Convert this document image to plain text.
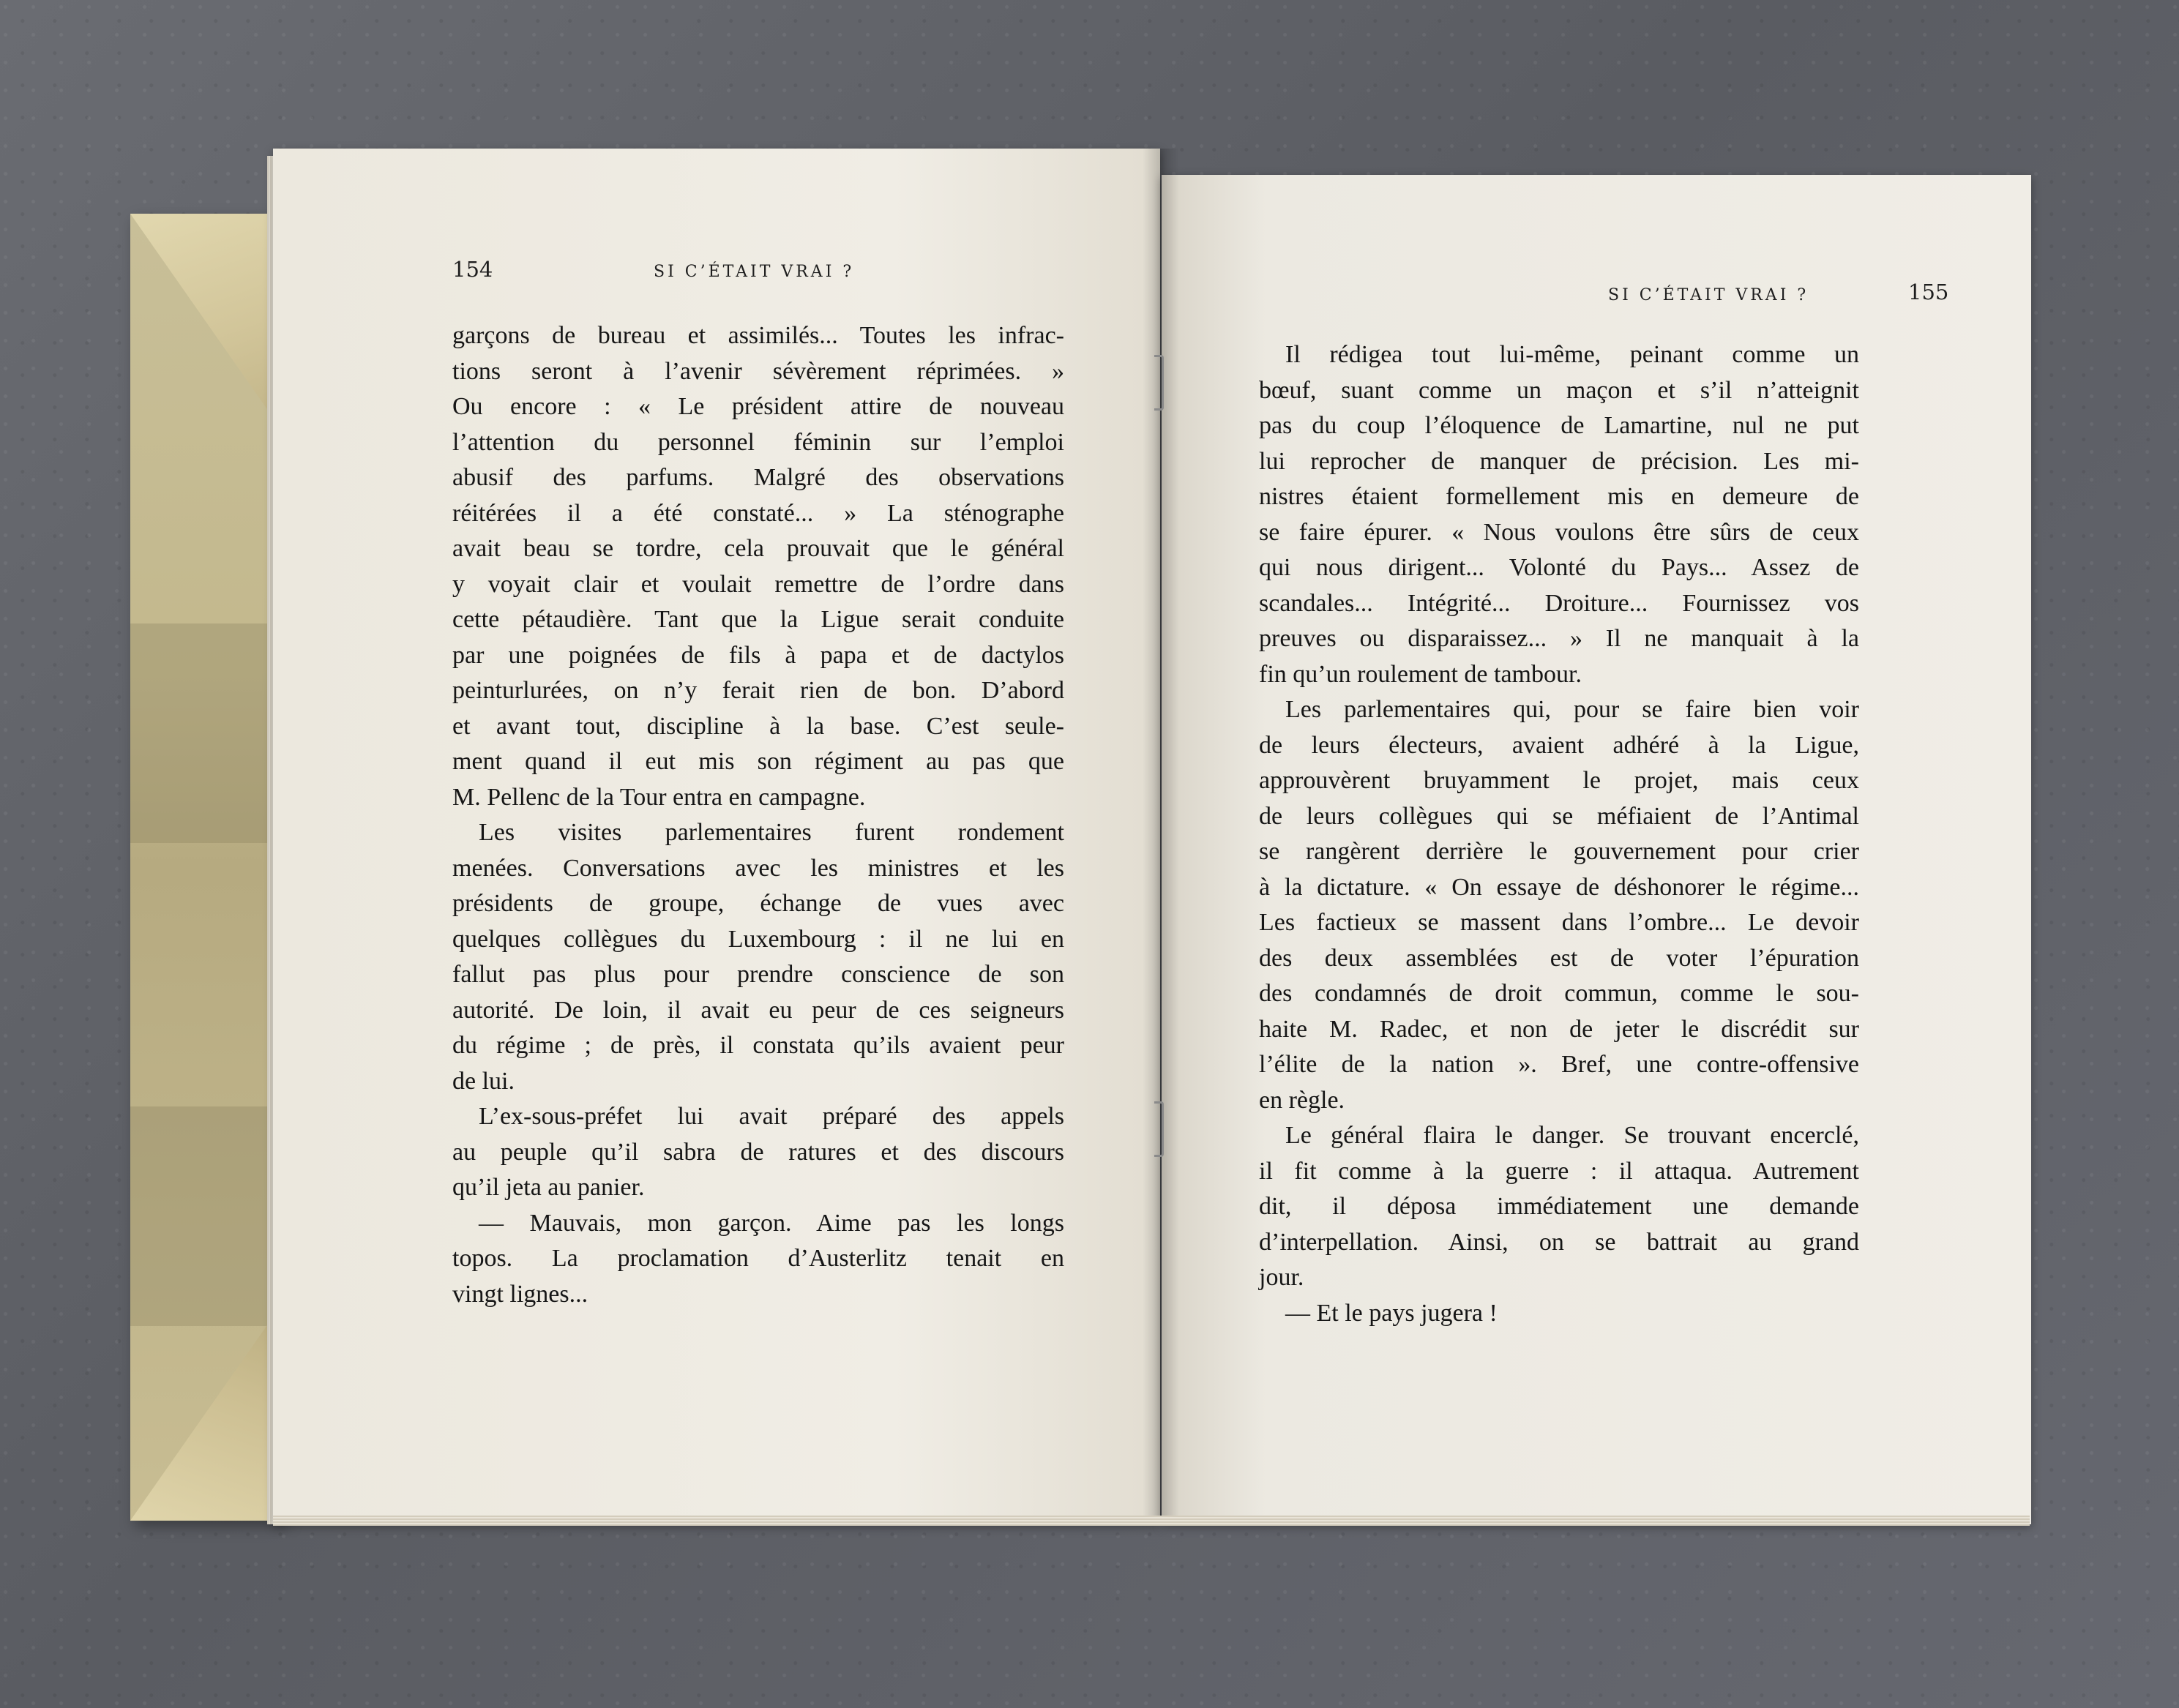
154	SI C’ÉTAIT VRAI ?
garçons de bureau et assimilés... Toutes les infrac-
tions seront à l’avenir sévèrement réprimées. »
Ou encore : « Le président attire de nouveau
l’attention du personnel féminin sur l’emploi
abusif des parfums. Malgré des observations
réitérées il a été constaté... » La sténographe
avait beau se tordre, cela prouvait que le général
y voyait clair et voulait remettre de l’ordre dans
cette pétaudière. Tant que la Ligue serait conduite
par une poignées de fils à papa et de dactylos
peinturlurées, on n’y ferait rien de bon. D’abord
et avant tout, discipline à la base. C’est seule-
ment quand il eut mis son régiment au pas que
M. Pellenc de la Tour entra en campagne.
Les visites parlementaires furent rondement
menées. Conversations avec les ministres et les
présidents de groupe, échange de vues avec
quelques collègues du Luxembourg : il ne lui en
fallut pas plus pour prendre conscience de son
autorité. De loin, il avait eu peur de ces seigneurs
du régime ; de près, il constata qu’ils avaient peur
de lui.
L’ex-sous-préfet lui avait préparé des appels
au peuple qu’il sabra de ratures et des discours
qu’il jeta au panier.
— Mauvais, mon garçon. Aime pas les longs
topos. La proclamation d’Austerlitz tenait en
vingt lignes...
SI C’ÉTAIT VRAI ?	155
Il rédigea tout lui-même, peinant comme un
bœuf, suant comme un maçon et s’il n’atteignit
pas du coup l’éloquence de Lamartine, nul ne put
lui reprocher de manquer de précision. Les mi-
nistres étaient formellement mis en demeure de
se faire épurer. « Nous voulons être sûrs de ceux
qui nous dirigent... Volonté du Pays... Assez de
scandales... Intégrité... Droiture... Fournissez vos
preuves ou disparaissez... » Il ne manquait à la
fin qu’un roulement de tambour.
Les parlementaires qui, pour se faire bien voir
de leurs électeurs, avaient adhéré à la Ligue,
approuvèrent bruyamment le projet, mais ceux
de leurs collègues qui se méfiaient de l’Antimal
se rangèrent derrière le gouvernement pour crier
à la dictature. « On essaye de déshonorer le régime...
Les factieux se massent dans l’ombre... Le devoir
des deux assemblées est de voter l’épuration
des condamnés de droit commun, comme le sou-
haite M. Radec, et non de jeter le discrédit sur
l’élite de la nation ». Bref, une contre-offensive
en règle.
Le général flaira le danger. Se trouvant encerclé,
il fit comme à la guerre : il attaqua. Autrement
dit, il déposa immédiatement une demande
d’interpellation. Ainsi, on se battrait au grand
jour.
— Et le pays jugera !
